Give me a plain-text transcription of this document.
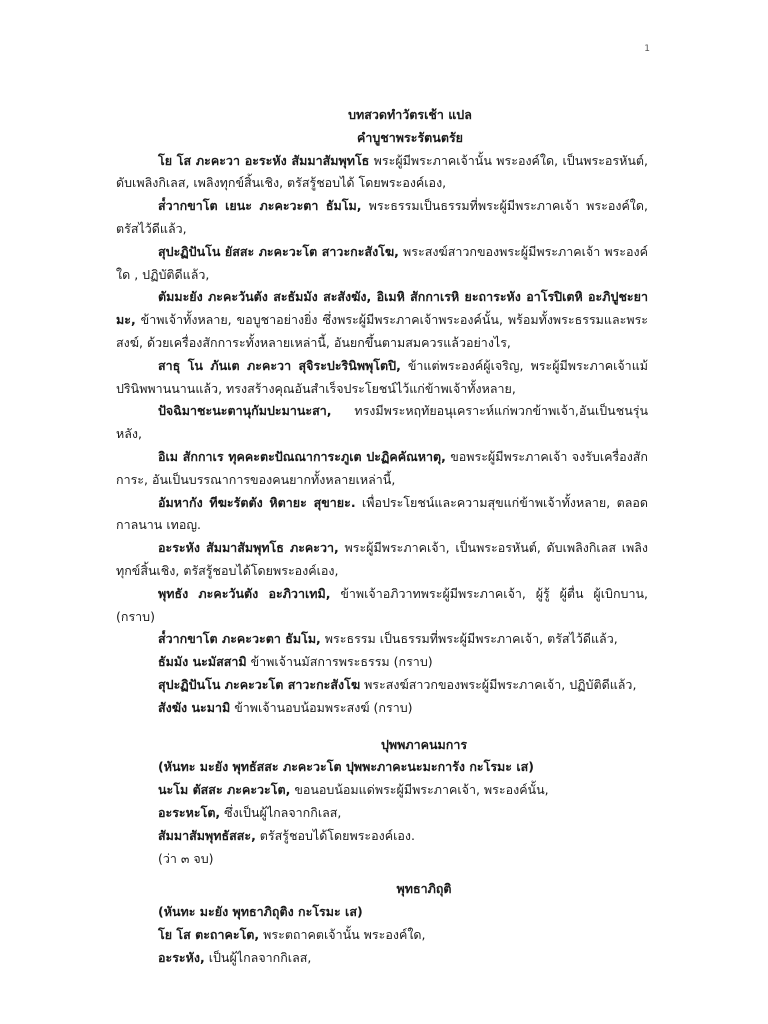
1
บทสวดทำวัตรเช้า แปล
คำบูชาพระรัตนตรัย
โย โส ภะคะวา อะระหัง สัมมาสัมพุทโธ พระผู้มีพระภาคเจ้านั้น พระองค์ใด, เป็นพระอรหันต์, ดับเพลิงกิเลส, เพลิงทุกข์สิ้นเชิง, ตรัสรู้ชอบได้ โดยพระองค์เอง,
ส๎วากขาโต เยนะ ภะคะวะตา ธัมโม, พระธรรมเป็นธรรมที่พระผู้มีพระภาคเจ้า พระองค์ใด, ตรัสไว้ดีแล้ว,
สุปะฏิปันโน ยัสสะ ภะคะวะโต สาวะกะสังโฆ, พระสงฆ์สาวกของพระผู้มีพระภาคเจ้า พระองค์ใด , ปฏิบัติดีแล้ว,
ตัมมะยัง ภะคะวันตัง สะธัมมัง สะสังฆัง, อิเมหิ สักกาเรหิ ยะถาระหัง อาโรปิเตหิ อะภิปูชะยามะ, ข้าพเจ้าทั้งหลาย, ขอบูชาอย่างยิ่ง ซึ่งพระผู้มีพระภาคเจ้าพระองค์นั้น, พร้อมทั้งพระธรรมและพระสงฆ์, ด้วยเครื่องสักการะทั้งหลายเหล่านี้, อันยกขึ้นตามสมควรแล้วอย่างไร,
สาธุ โน ภันเต ภะคะวา สุจิระปะรินิพพุโตปิ, ข้าแต่พระองค์ผู้เจริญ, พระผู้มีพระภาคเจ้าแม้ปรินิพพานนานแล้ว, ทรงสร้างคุณอันสำเร็จประโยชน์ไว้แก่ข้าพเจ้าทั้งหลาย,
ปัจฉิมาชะนะตานุกัมปะมานะสา, ทรงมีพระหฤทัยอนุเคราะห์แก่พวกข้าพเจ้า,อันเป็นชนรุ่นหลัง,
อิเม สักกาเร ทุคคะตะปัณณาการะภูเต ปะฏิคคัณหาตุ, ขอพระผู้มีพระภาคเจ้า จงรับเครื่องสักการะ, อันเป็นบรรณาการของคนยากทั้งหลายเหล่านี้,
อัมหากัง ทีฆะรัตตัง หิตายะ สุขายะ. เพื่อประโยชน์และความสุขแก่ข้าพเจ้าทั้งหลาย, ตลอดกาลนาน เทอญ.
อะระหัง สัมมาสัมพุทโธ ภะคะวา, พระผู้มีพระภาคเจ้า, เป็นพระอรหันต์, ดับเพลิงกิเลส เพลิงทุกข์สิ้นเชิง, ตรัสรู้ชอบได้โดยพระองค์เอง,
พุทธัง ภะคะวันตัง อะภิวาเทมิ, ข้าพเจ้าอภิวาทพระผู้มีพระภาคเจ้า, ผู้รู้ ผู้ตื่น ผู้เบิกบาน, (กราบ)
ส๎วากขาโต ภะคะวะตา ธัมโม, พระธรรม เป็นธรรมที่พระผู้มีพระภาคเจ้า, ตรัสไว้ดีแล้ว,
ธัมมัง นะมัสสามิ ข้าพเจ้านมัสการพระธรรม (กราบ)
สุปะฏิปันโน ภะคะวะโต สาวะกะสังโฆ พระสงฆ์สาวกของพระผู้มีพระภาคเจ้า, ปฏิบัติดีแล้ว,
สังฆัง นะมามิ ข้าพเจ้านอบน้อมพระสงฆ์ (กราบ)
ปุพพภาคนมการ
(หันทะ มะยัง พุทธัสสะ ภะคะวะโต ปุพพะภาคะนะมะการัง กะโรมะ เส)
นะโม ตัสสะ ภะคะวะโต, ขอนอบน้อมแด่พระผู้มีพระภาคเจ้า, พระองค์นั้น,
อะระหะโต, ซึ่งเป็นผู้ไกลจากกิเลส,
สัมมาสัมพุทธัสสะ, ตรัสรู้ชอบได้โดยพระองค์เอง.
(ว่า ๓ จบ)
พุทธาภิถุติ
(หันทะ มะยัง พุทธาภิถุติง กะโรมะ เส)
โย โส ตะถาคะโต, พระตถาคตเจ้านั้น พระองค์ใด,
อะระหัง, เป็นผู้ไกลจากกิเลส,
